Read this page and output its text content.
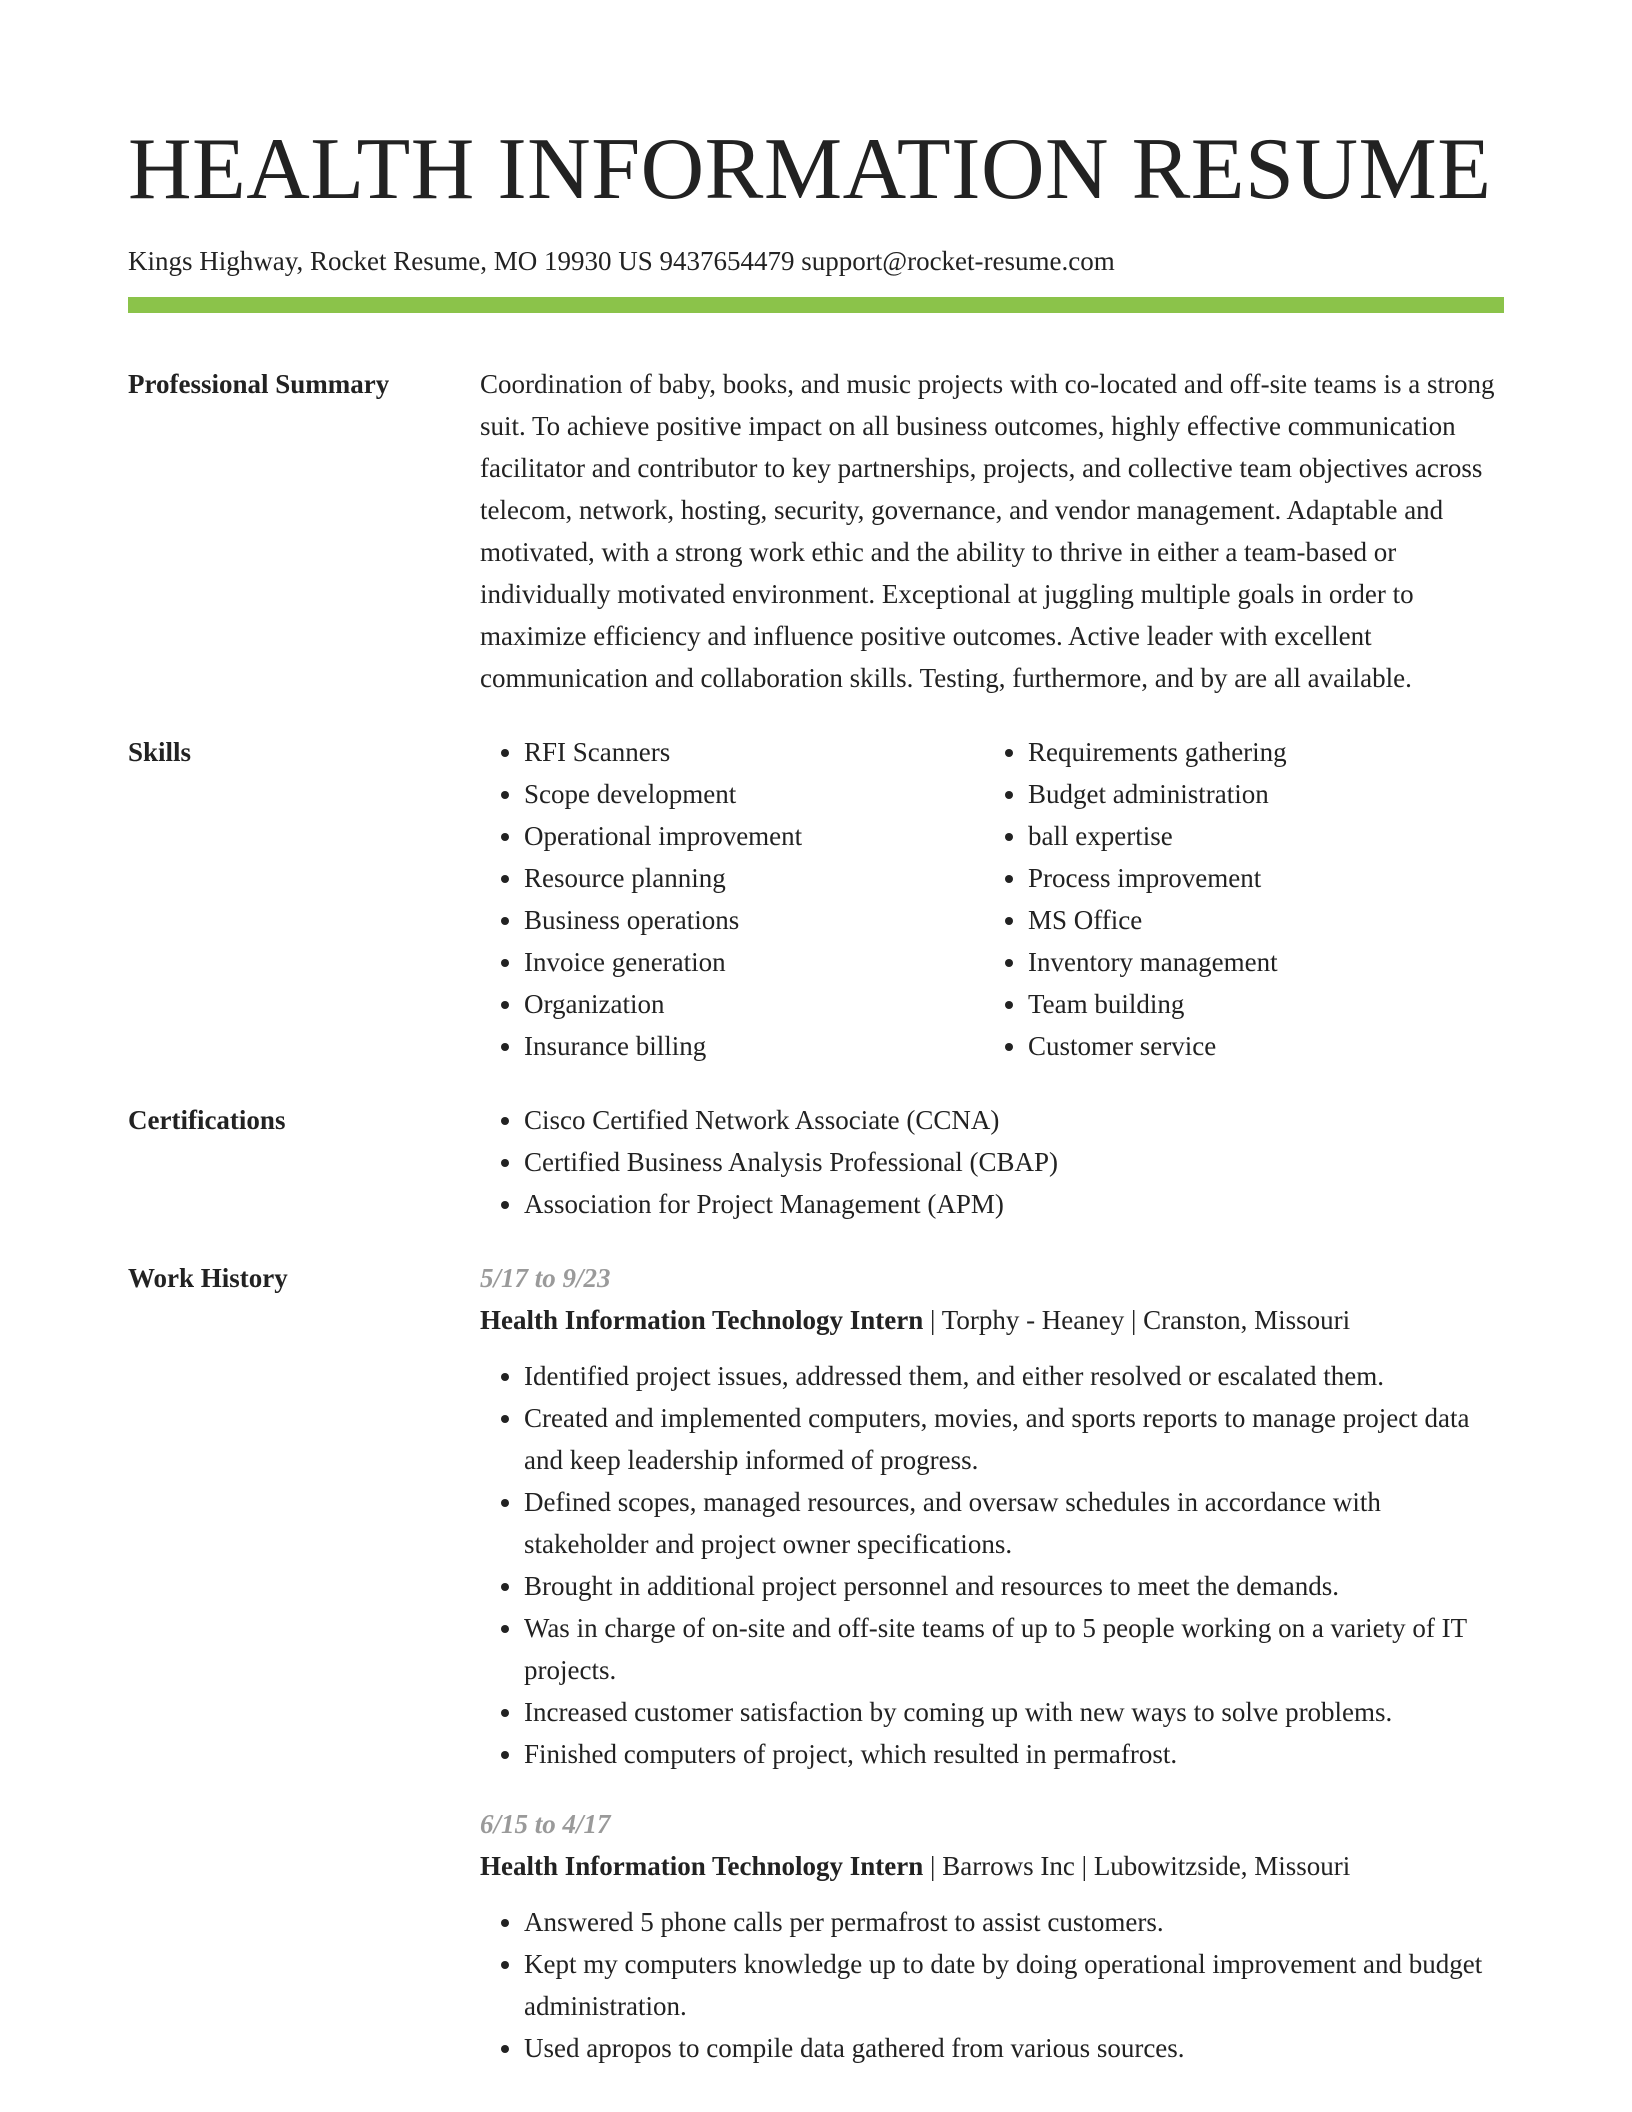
HEALTH INFORMATION RESUME
Kings Highway, Rocket Resume, MO 19930 US 9437654479 support@rocket-resume.com
Professional Summary	Coordination of baby, books, and music projects with co-located and off-site teams is a strong suit. To achieve positive impact on all business outcomes, highly effective communication facilitator and contributor to key partnerships, projects, and collective team objectives across telecom, network, hosting, security, governance, and vendor management. Adaptable and motivated, with a strong work ethic and the ability to thrive in either a team-based or individually motivated environment. Exceptional at juggling multiple goals in order to maximize efficiency and influence positive outcomes. Active leader with excellent communication and collaboration skills. Testing, furthermore, and by are all available.

Skills	• RFI Scanners
• Scope development
• Operational improvement
• Resource planning
• Business operations
• Invoice generation
• Organization
• Insurance billing
• Requirements gathering
• Budget administration
• ball expertise
• Process improvement
• MS Office
• Inventory management
• Team building
• Customer service
Certifications	• Cisco Certified Network Associate (CCNA)
• Certified Business Analysis Professional (CBAP)
• Association for Project Management (APM)
Work History	5/17 to 9/23
Health Information Technology Intern | Torphy - Heaney | Cranston, Missouri
• Identified project issues, addressed them, and either resolved or escalated them.
• Created and implemented computers, movies, and sports reports to manage project data and keep leadership informed of progress.
• Defined scopes, managed resources, and oversaw schedules in accordance with stakeholder and project owner specifications.
• Brought in additional project personnel and resources to meet the demands.
• Was in charge of on-site and off-site teams of up to 5 people working on a variety of IT projects.
• Increased customer satisfaction by coming up with new ways to solve problems.
• Finished computers of project, which resulted in permafrost.
6/15 to 4/17
Health Information Technology Intern | Barrows Inc | Lubowitzside, Missouri
• Answered 5 phone calls per permafrost to assist customers.
• Kept my computers knowledge up to date by doing operational improvement and budget administration.
• Used apropos to compile data gathered from various sources.
